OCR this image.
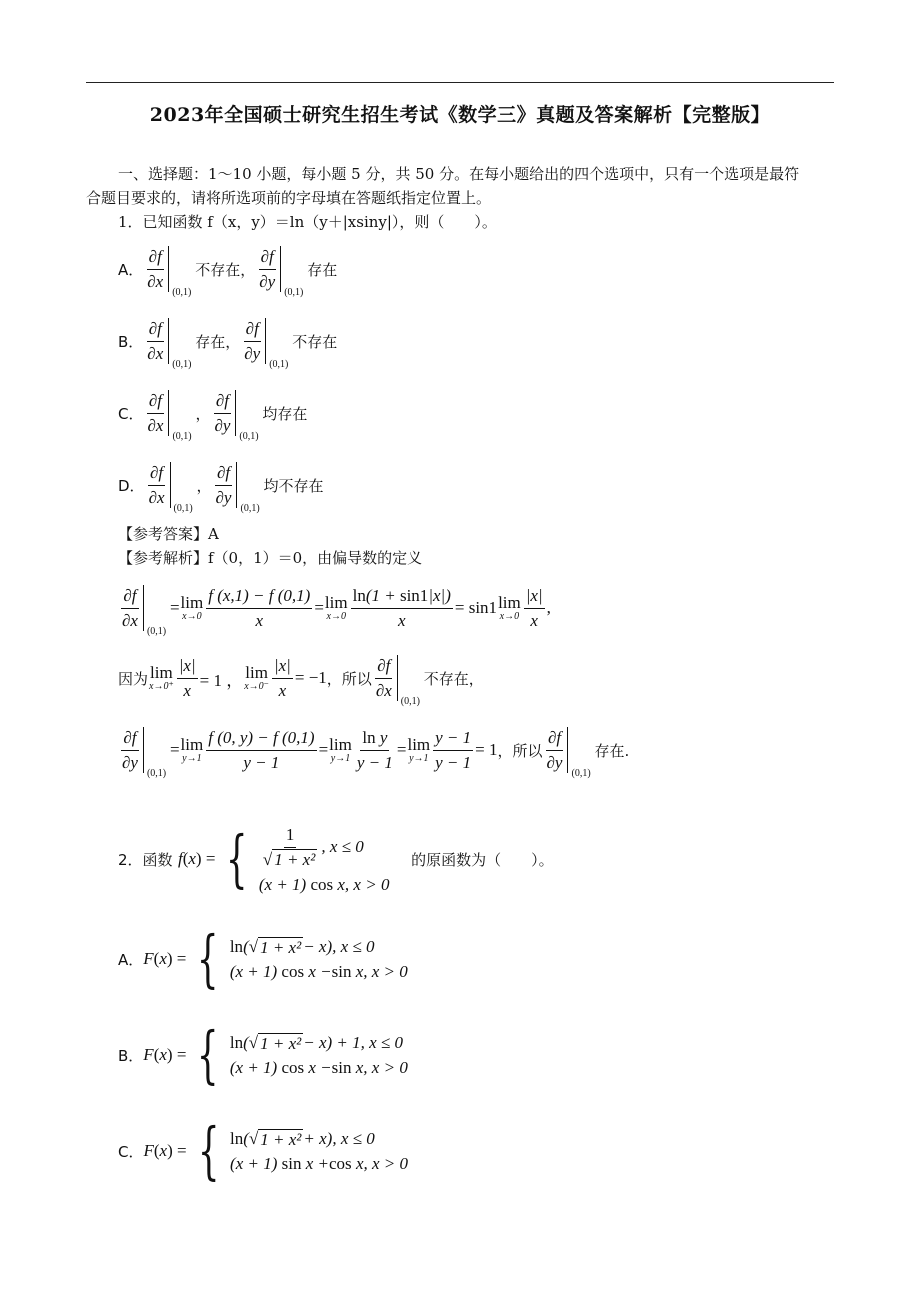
2023年全国硕士研究生招生考试《数学三》真题及答案解析【完整版】
一、选择题：1～10 小题，每小题 5 分，共 50 分。在每小题给出的四个选项中，只有一个选项是最符
合题目要求的，请将所选项前的字母填在答题纸指定位置上。
1．已知函数 f（x，y）＝ln（y＋|xsiny|），则（　　）。
A． $\frac{\partial f}{\partial x} (0,1)$
不存在， $\frac{\partial f}{\partial y} (0,1)$
存在
B． $\frac{\partial f}{\partial x} (0,1)$
存在， $\frac{\partial f}{\partial y} (0,1)$
不存在
C． $\frac{\partial f}{\partial x} (0,1)$
， $\frac{\partial f}{\partial y} (0,1)$
均存在
D． $\frac{\partial f}{\partial x} (0,1)$
， $\frac{\partial f}{\partial y} (0,1)$
均不存在
【参考答案】A
【参考解析】f（0，1）＝0，由偏导数的定义
$\frac{\partial f}{\partial x} (0,1)$
= lim
$x\to 0 \frac{f (x,1) - f (0,1)}{x} = \lim$
$x\to 0 \frac{\ln(1 + \sin 1|x|)}{x} = \sin 1$ lim
$x\to 0 \frac{|x|}{x}$ ,
因为 lim
$x\to 0^+ \frac{|x|}{x} = 1$ ， lim
$x\to 0^- \frac{|x|}{x} = -1$ ，所以 $\frac{\partial f}{\partial x} (0,1)$
不存在，
$\frac{\partial f}{\partial y} (0,1)$
= lim
$y\to 1 \frac{f (0, y) - f (0,1)}{y - 1} = \lim$
$y\to 1 \frac{\text{ln y}}{y - 1} = \lim$
$y\to 1 \frac{y - 1}{y - 1} = 1$ ，所以 $\frac{\partial f}{\partial y} (0,1)$
存在.
2．函数
f ( x ) = { $\frac{1}{\text{√ 1 + x²}}$ , x ≤ 0
(x + 1) cos x, x > 0

的原函数为（　　）。
A． F ( x ) = { ln (√ 1 + x² − x), x ≤ 0
(x + 1) cos x − sin x, x > 0
B． F ( x ) = { ln (√ 1 + x² − x) + 1, x ≤ 0
(x + 1) cos x − sin x, x > 0
C． F ( x ) = { ln (√ 1 + x² + x), x ≤ 0
(x + 1) sin x + cos x, x > 0
